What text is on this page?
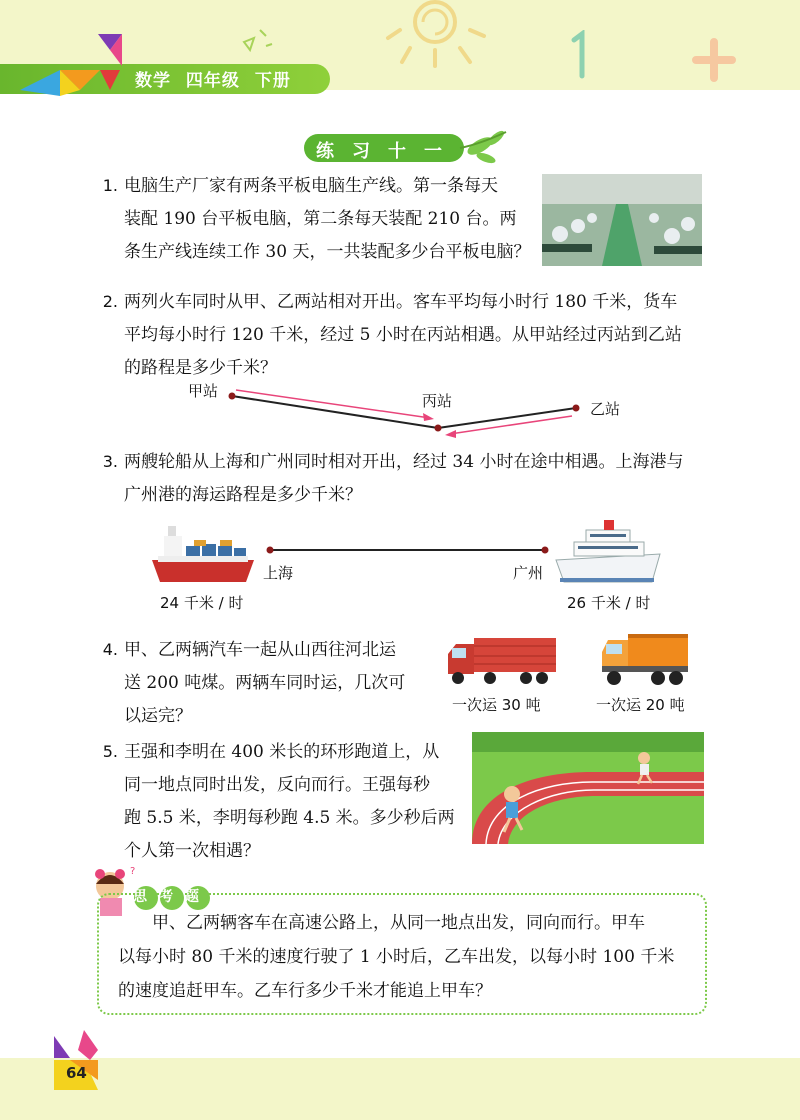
数学 四年级 下册
练习十一
1. 电脑生产厂家有两条平板电脑生产线。第一条每天
装配 190 台平板电脑，第二条每天装配 210 台。两
条生产线连续工作 30 天，一共装配多少台平板电脑？
2. 两列火车同时从甲、乙两站相对开出。客车平均每小时行 180 千米，货车
平均每小时行 120 千米，经过 5 小时在丙站相遇。从甲站经过丙站到乙站
的路程是多少千米？
甲站
丙站	乙站
3. 两艘轮船从上海和广州同时相对开出，经过 34 小时在途中相遇。上海港与
广州港的海运路程是多少千米？
上海	广州
24 千米 / 时	26 千米 / 时
4. 甲、乙两辆汽车一起从山西往河北运
送 200 吨煤。两辆车同时运，几次可
以运完？
一次运 30 吨	一次运 20 吨
5. 王强和李明在 400 米长的环形跑道上，从
同一地点同时出发，反向而行。王强每秒
跑 5.5 米，李明每秒跑 4.5 米。多少秒后两
个人第一次相遇？
?
思考题
甲、乙两辆客车在高速公路上，从同一地点出发，同向而行。甲车
以每小时 80 千米的速度行驶了 1 小时后，乙车出发，以每小时 100 千米
的速度追赶甲车。乙车行多少千米才能追上甲车？
64
